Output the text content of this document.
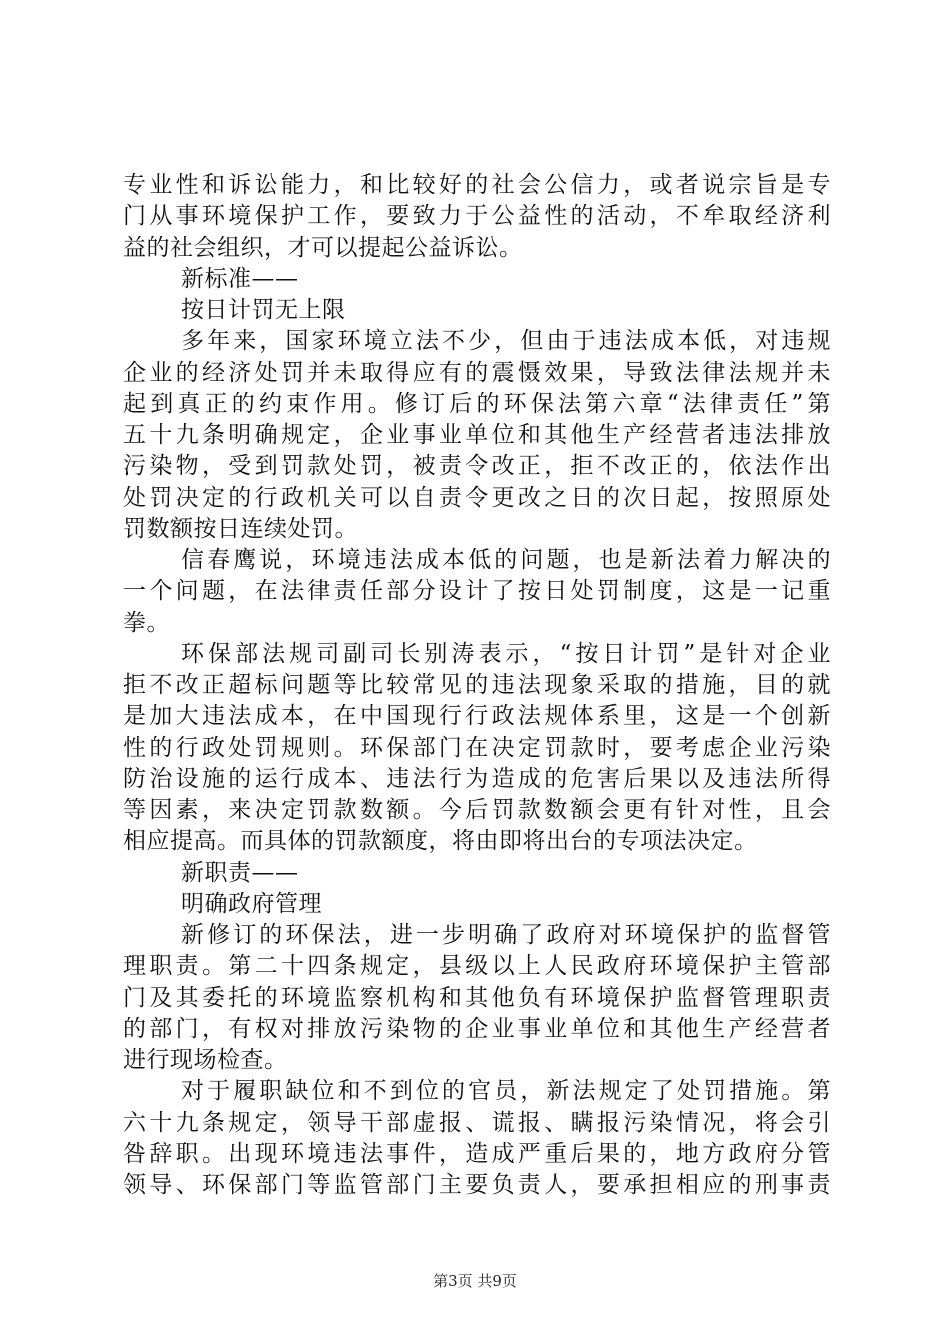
专业性和诉讼能力，和比较好的社会公信力，或者说宗旨是专
门从事环境保护工作，要致力于公益性的活动，不牟取经济利
益的社会组织，才可以提起公益诉讼。
新标准——
按日计罚无上限
多年来，国家环境立法不少，但由于违法成本低，对违规
企业的经济处罚并未取得应有的震慑效果，导致法律法规并未
起到真正的约束作用。修订后的环保法第六章“法律责任”第
五十九条明确规定，企业事业单位和其他生产经营者违法排放
污染物，受到罚款处罚，被责令改正，拒不改正的，依法作出
处罚决定的行政机关可以自责令更改之日的次日起，按照原处
罚数额按日连续处罚。
信春鹰说，环境违法成本低的问题，也是新法着力解决的
一个问题，在法律责任部分设计了按日处罚制度，这是一记重
拳。
环保部法规司副司长别涛表示，“按日计罚”是针对企业
拒不改正超标问题等比较常见的违法现象采取的措施，目的就
是加大违法成本，在中国现行行政法规体系里，这是一个创新
性的行政处罚规则。环保部门在决定罚款时，要考虑企业污染
防治设施的运行成本、违法行为造成的危害后果以及违法所得
等因素，来决定罚款数额。今后罚款数额会更有针对性，且会
相应提高。而具体的罚款额度，将由即将出台的专项法决定。
新职责——
明确政府管理
新修订的环保法，进一步明确了政府对环境保护的监督管
理职责。第二十四条规定，县级以上人民政府环境保护主管部
门及其委托的环境监察机构和其他负有环境保护监督管理职责
的部门，有权对排放污染物的企业事业单位和其他生产经营者
进行现场检查。
对于履职缺位和不到位的官员，新法规定了处罚措施。第
六十九条规定，领导干部虚报、谎报、瞒报污染情况，将会引
咎辞职。出现环境违法事件，造成严重后果的，地方政府分管
领导、环保部门等监管部门主要负责人，要承担相应的刑事责
第3页 共9页
